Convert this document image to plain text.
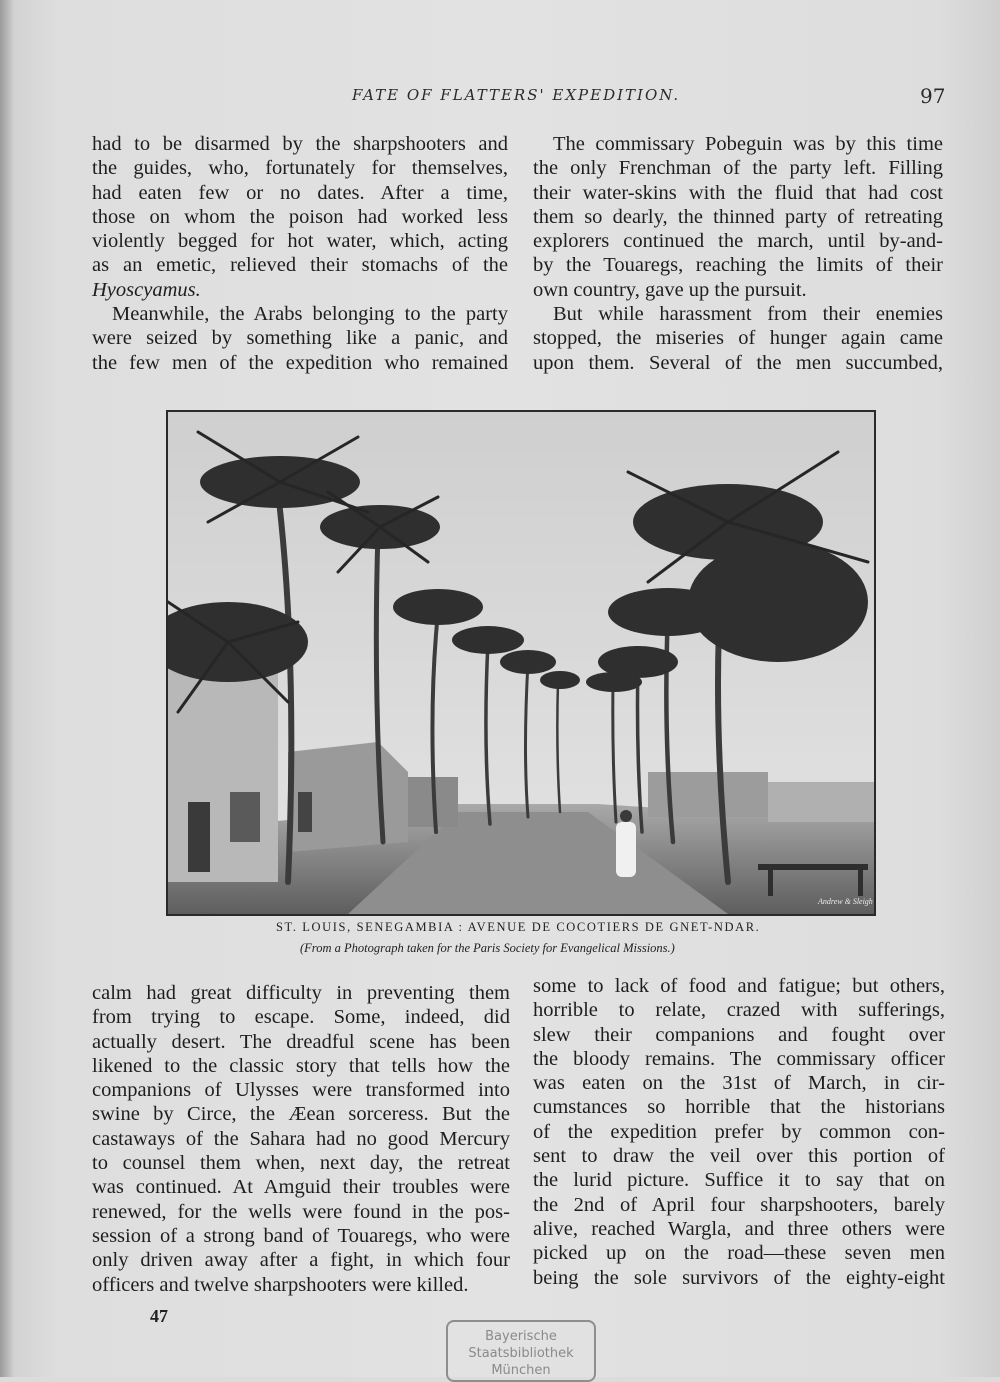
FATE OF FLATTERS' EXPEDITION.	97
had to be disarmed by the sharpshooters and
the guides, who, fortunately for themselves,
had eaten few or no dates. After a time,
those on whom the poison had worked less
violently begged for hot water, which, acting
as an emetic, relieved their stomachs of the
Hyoscyamus.
Meanwhile, the Arabs belonging to the party
were seized by something like a panic, and
the few men of the expedition who remained
The commissary Pobeguin was by this time
the only Frenchman of the party left. Filling
their water-skins with the fluid that had cost
them so dearly, the thinned party of retreating
explorers continued the march, until by-and-
by the Touaregs, reaching the limits of their
own country, gave up the pursuit.
But while harassment from their enemies
stopped, the miseries of hunger again came
upon them. Several of the men succumbed,
Andrew & Sleigh
ST. LOUIS, SENEGAMBIA : AVENUE DE COCOTIERS DE GNET-NDAR.
(From a Photograph taken for the Paris Society for Evangelical Missions.)
calm had great difficulty in preventing them
from trying to escape. Some, indeed, did
actually desert. The dreadful scene has been
likened to the classic story that tells how the
companions of Ulysses were transformed into
swine by Circe, the Æean sorceress. But the
castaways of the Sahara had no good Mercury
to counsel them when, next day, the retreat
was continued. At Amguid their troubles were
renewed, for the wells were found in the pos-
session of a strong band of Touaregs, who were
only driven away after a fight, in which four
officers and twelve sharpshooters were killed.
some to lack of food and fatigue; but others,
horrible to relate, crazed with sufferings,
slew their companions and fought over
the bloody remains. The commissary officer
was eaten on the 31st of March, in cir-
cumstances so horrible that the historians
of the expedition prefer by common con-
sent to draw the veil over this portion of
the lurid picture. Suffice it to say that on
the 2nd of April four sharpshooters, barely
alive, reached Wargla, and three others were
picked up on the road—these seven men
being the sole survivors of the eighty-eight
47
Bayerische
Staatsbibliothek
München
